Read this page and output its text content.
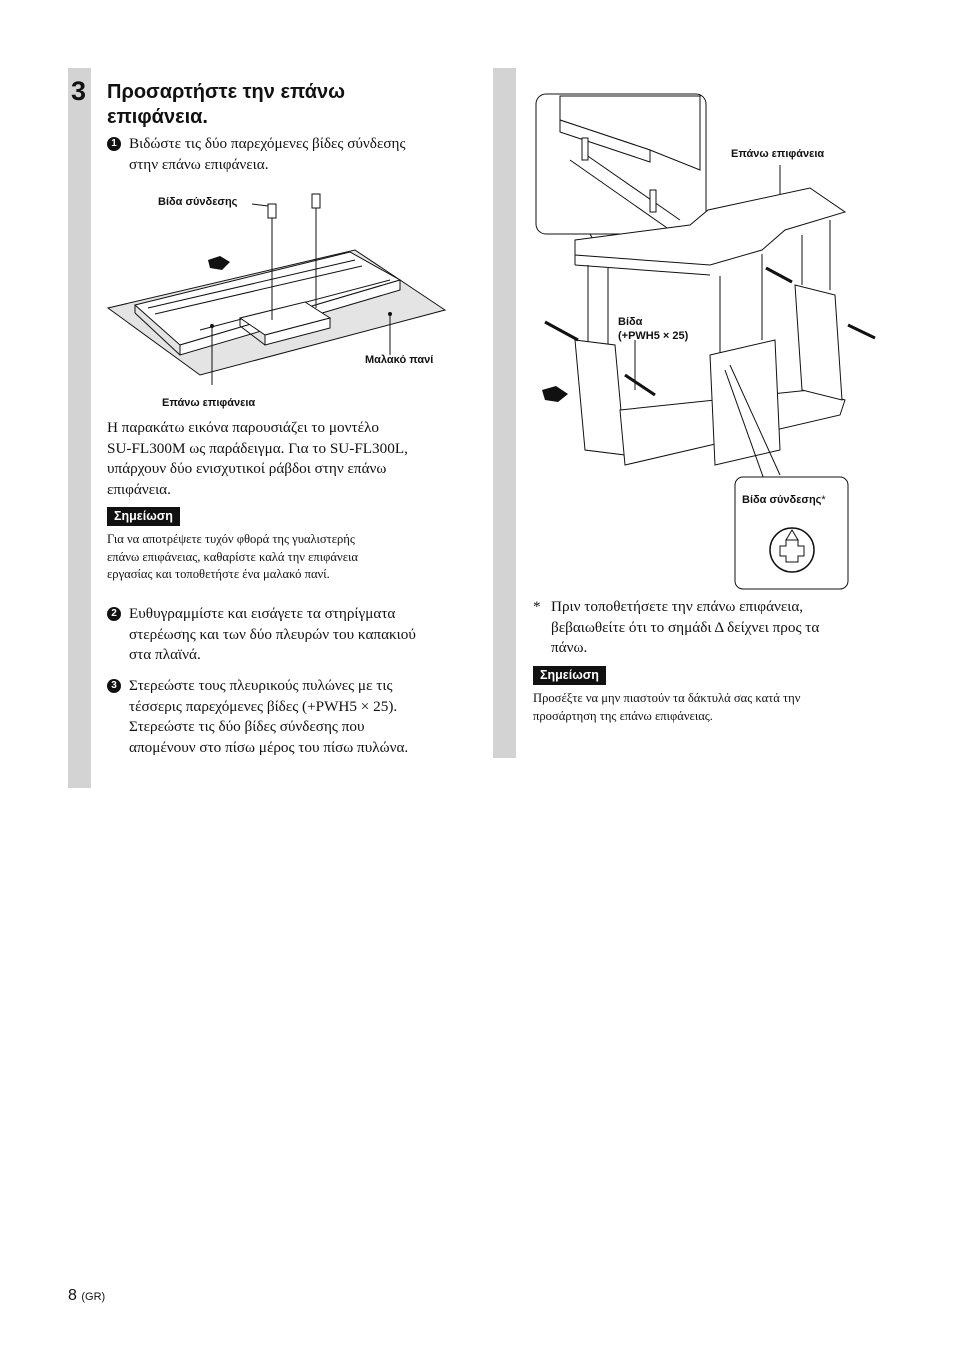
3 Προσαρτήστε την επάνω
επιφάνεια.
1 Βιδώστε τις δύο παρεχόμενες βίδες σύνδεσης
στην επάνω επιφάνεια.
Βίδα σύνδεσης
Μαλακό πανί
Επάνω επιφάνεια
Η παρακάτω εικόνα παρουσιάζει το μοντέλο
SU-FL300M ως παράδειγμα. Για το SU-FL300L,
υπάρχουν δύο ενισχυτικοί ράβδοι στην επάνω
επιφάνεια.
Σημείωση
Για να αποτρέψετε τυχόν φθορά της γυαλιστερής
επάνω επιφάνειας, καθαρίστε καλά την επιφάνεια
εργασίας και τοποθετήστε ένα μαλακό πανί.
2 Ευθυγραμμίστε και εισάγετε τα στηρίγματα
στερέωσης και των δύο πλευρών του καπακιού
στα πλαϊνά.
3 Στερεώστε τους πλευρικούς πυλώνες με τις
τέσσερις παρεχόμενες βίδες (+PWH5 × 25).
Στερεώστε τις δύο βίδες σύνδεσης που
απομένουν στο πίσω μέρος του πίσω πυλώνα.
Επάνω επιφάνεια
Βίδα
(+PWH5 × 25)
Βίδα σύνδεσης*
* Πριν τοποθετήσετε την επάνω επιφάνεια,
βεβαιωθείτε ότι το σημάδι Δ δείχνει προς τα
πάνω.
Σημείωση
Προσέξτε να μην πιαστούν τα δάκτυλά σας κατά την
προσάρτηση της επάνω επιφάνειας.
8 (GR)
